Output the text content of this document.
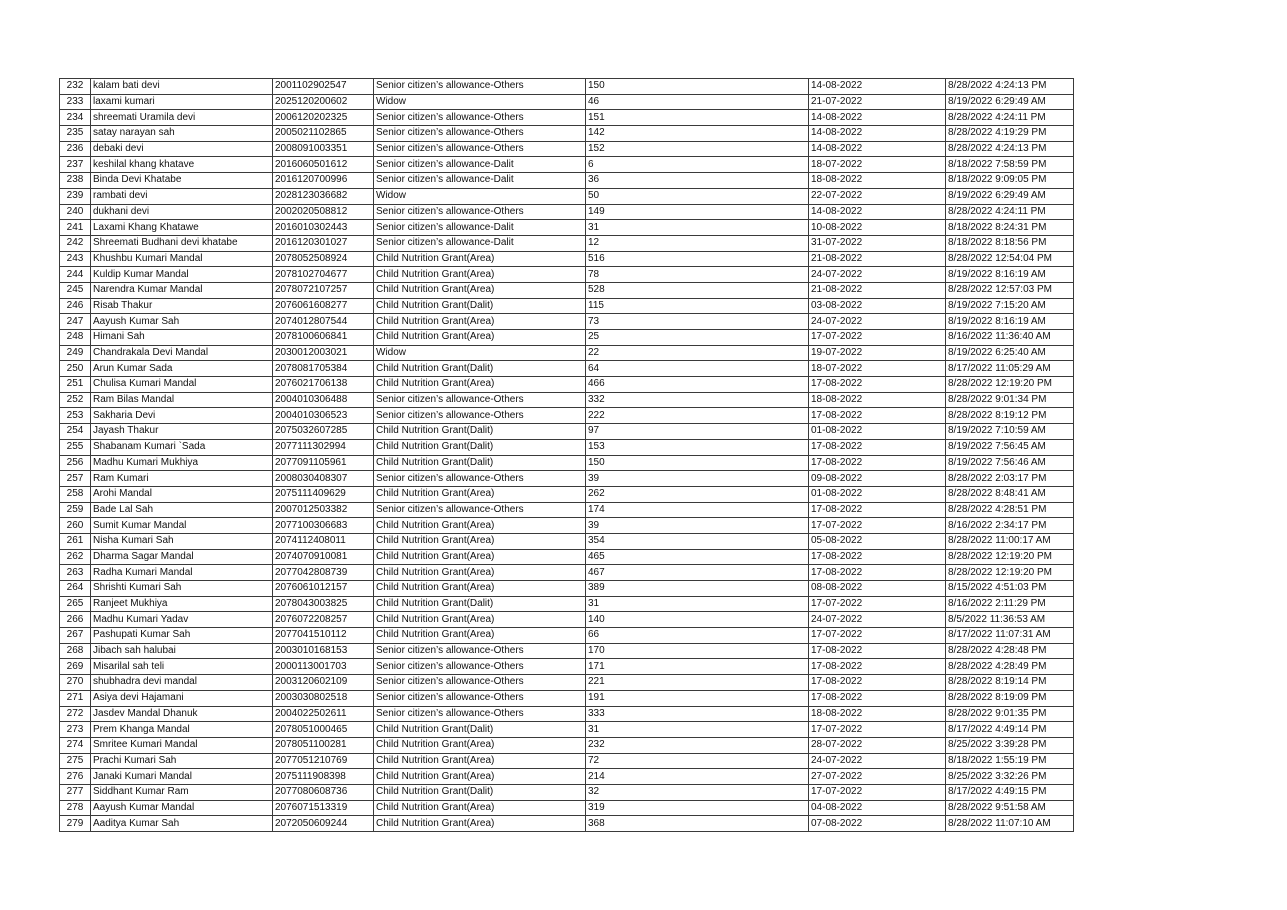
232	kalam bati devi	2001102902547	Senior citizen’s allowance-Others	150	14-08-2022	8/28/2022 4:24:13 PM
233	laxami kumari	2025120200602	Widow	46	21-07-2022	8/19/2022 6:29:49 AM
234	shreemati Uramila devi	2006120202325	Senior citizen’s allowance-Others	151	14-08-2022	8/28/2022 4:24:11 PM
235	satay narayan sah	2005021102865	Senior citizen’s allowance-Others	142	14-08-2022	8/28/2022 4:19:29 PM
236	debaki devi	2008091003351	Senior citizen’s allowance-Others	152	14-08-2022	8/28/2022 4:24:13 PM
237	keshilal khang khatave	2016060501612	Senior citizen’s allowance-Dalit	6	18-07-2022	8/18/2022 7:58:59 PM
238	Binda Devi Khatabe	2016120700996	Senior citizen’s allowance-Dalit	36	18-08-2022	8/18/2022 9:09:05 PM
239	rambati devi	2028123036682	Widow	50	22-07-2022	8/19/2022 6:29:49 AM
240	dukhani devi	2002020508812	Senior citizen’s allowance-Others	149	14-08-2022	8/28/2022 4:24:11 PM
241	Laxami Khang Khatawe	2016010302443	Senior citizen’s allowance-Dalit	31	10-08-2022	8/18/2022 8:24:31 PM
242	Shreemati Budhani devi khatabe	2016120301027	Senior citizen’s allowance-Dalit	12	31-07-2022	8/18/2022 8:18:56 PM
243	Khushbu Kumari Mandal	2078052508924	Child Nutrition Grant(Area)	516	21-08-2022	8/28/2022 12:54:04 PM
244	Kuldip Kumar Mandal	2078102704677	Child Nutrition Grant(Area)	78	24-07-2022	8/19/2022 8:16:19 AM
245	Narendra Kumar Mandal	2078072107257	Child Nutrition Grant(Area)	528	21-08-2022	8/28/2022 12:57:03 PM
246	Risab Thakur	2076061608277	Child Nutrition Grant(Dalit)	115	03-08-2022	8/19/2022 7:15:20 AM
247	Aayush Kumar Sah	2074012807544	Child Nutrition Grant(Area)	73	24-07-2022	8/19/2022 8:16:19 AM
248	Himani Sah	2078100606841	Child Nutrition Grant(Area)	25	17-07-2022	8/16/2022 11:36:40 AM
249	Chandrakala Devi Mandal	2030012003021	Widow	22	19-07-2022	8/19/2022 6:25:40 AM
250	Arun Kumar Sada	2078081705384	Child Nutrition Grant(Dalit)	64	18-07-2022	8/17/2022 11:05:29 AM
251	Chulisa Kumari Mandal	2076021706138	Child Nutrition Grant(Area)	466	17-08-2022	8/28/2022 12:19:20 PM
252	Ram Bilas Mandal	2004010306488	Senior citizen’s allowance-Others	332	18-08-2022	8/28/2022 9:01:34 PM
253	Sakharia Devi	2004010306523	Senior citizen’s allowance-Others	222	17-08-2022	8/28/2022 8:19:12 PM
254	Jayash Thakur	2075032607285	Child Nutrition Grant(Dalit)	97	01-08-2022	8/19/2022 7:10:59 AM
255	Shabanam Kumari `Sada	2077111302994	Child Nutrition Grant(Dalit)	153	17-08-2022	8/19/2022 7:56:45 AM
256	Madhu Kumari Mukhiya	2077091105961	Child Nutrition Grant(Dalit)	150	17-08-2022	8/19/2022 7:56:46 AM
257	Ram Kumari	2008030408307	Senior citizen’s allowance-Others	39	09-08-2022	8/28/2022 2:03:17 PM
258	Arohi Mandal	2075111409629	Child Nutrition Grant(Area)	262	01-08-2022	8/28/2022 8:48:41 AM
259	Bade Lal Sah	2007012503382	Senior citizen’s allowance-Others	174	17-08-2022	8/28/2022 4:28:51 PM
260	Sumit Kumar Mandal	2077100306683	Child Nutrition Grant(Area)	39	17-07-2022	8/16/2022 2:34:17 PM
261	Nisha Kumari Sah	2074112408011	Child Nutrition Grant(Area)	354	05-08-2022	8/28/2022 11:00:17 AM
262	Dharma Sagar Mandal	2074070910081	Child Nutrition Grant(Area)	465	17-08-2022	8/28/2022 12:19:20 PM
263	Radha Kumari Mandal	2077042808739	Child Nutrition Grant(Area)	467	17-08-2022	8/28/2022 12:19:20 PM
264	Shrishti Kumari Sah	2076061012157	Child Nutrition Grant(Area)	389	08-08-2022	8/15/2022 4:51:03 PM
265	Ranjeet Mukhiya	2078043003825	Child Nutrition Grant(Dalit)	31	17-07-2022	8/16/2022 2:11:29 PM
266	Madhu Kumari Yadav	2076072208257	Child Nutrition Grant(Area)	140	24-07-2022	8/5/2022 11:36:53 AM
267	Pashupati Kumar Sah	2077041510112	Child Nutrition Grant(Area)	66	17-07-2022	8/17/2022 11:07:31 AM
268	Jibach sah halubai	2003010168153	Senior citizen’s allowance-Others	170	17-08-2022	8/28/2022 4:28:48 PM
269	Misarilal sah teli	2000113001703	Senior citizen’s allowance-Others	171	17-08-2022	8/28/2022 4:28:49 PM
270	shubhadra devi mandal	2003120602109	Senior citizen’s allowance-Others	221	17-08-2022	8/28/2022 8:19:14 PM
271	Asiya devi Hajamani	2003030802518	Senior citizen’s allowance-Others	191	17-08-2022	8/28/2022 8:19:09 PM
272	Jasdev Mandal Dhanuk	2004022502611	Senior citizen’s allowance-Others	333	18-08-2022	8/28/2022 9:01:35 PM
273	Prem Khanga Mandal	2078051000465	Child Nutrition Grant(Dalit)	31	17-07-2022	8/17/2022 4:49:14 PM
274	Smritee Kumari Mandal	2078051100281	Child Nutrition Grant(Area)	232	28-07-2022	8/25/2022 3:39:28 PM
275	Prachi Kumari Sah	2077051210769	Child Nutrition Grant(Area)	72	24-07-2022	8/18/2022 1:55:19 PM
276	Janaki Kumari Mandal	2075111908398	Child Nutrition Grant(Area)	214	27-07-2022	8/25/2022 3:32:26 PM
277	Siddhant Kumar Ram	2077080608736	Child Nutrition Grant(Dalit)	32	17-07-2022	8/17/2022 4:49:15 PM
278	Aayush Kumar Mandal	2076071513319	Child Nutrition Grant(Area)	319	04-08-2022	8/28/2022 9:51:58 AM
279	Aaditya Kumar Sah	2072050609244	Child Nutrition Grant(Area)	368	07-08-2022	8/28/2022 11:07:10 AM
